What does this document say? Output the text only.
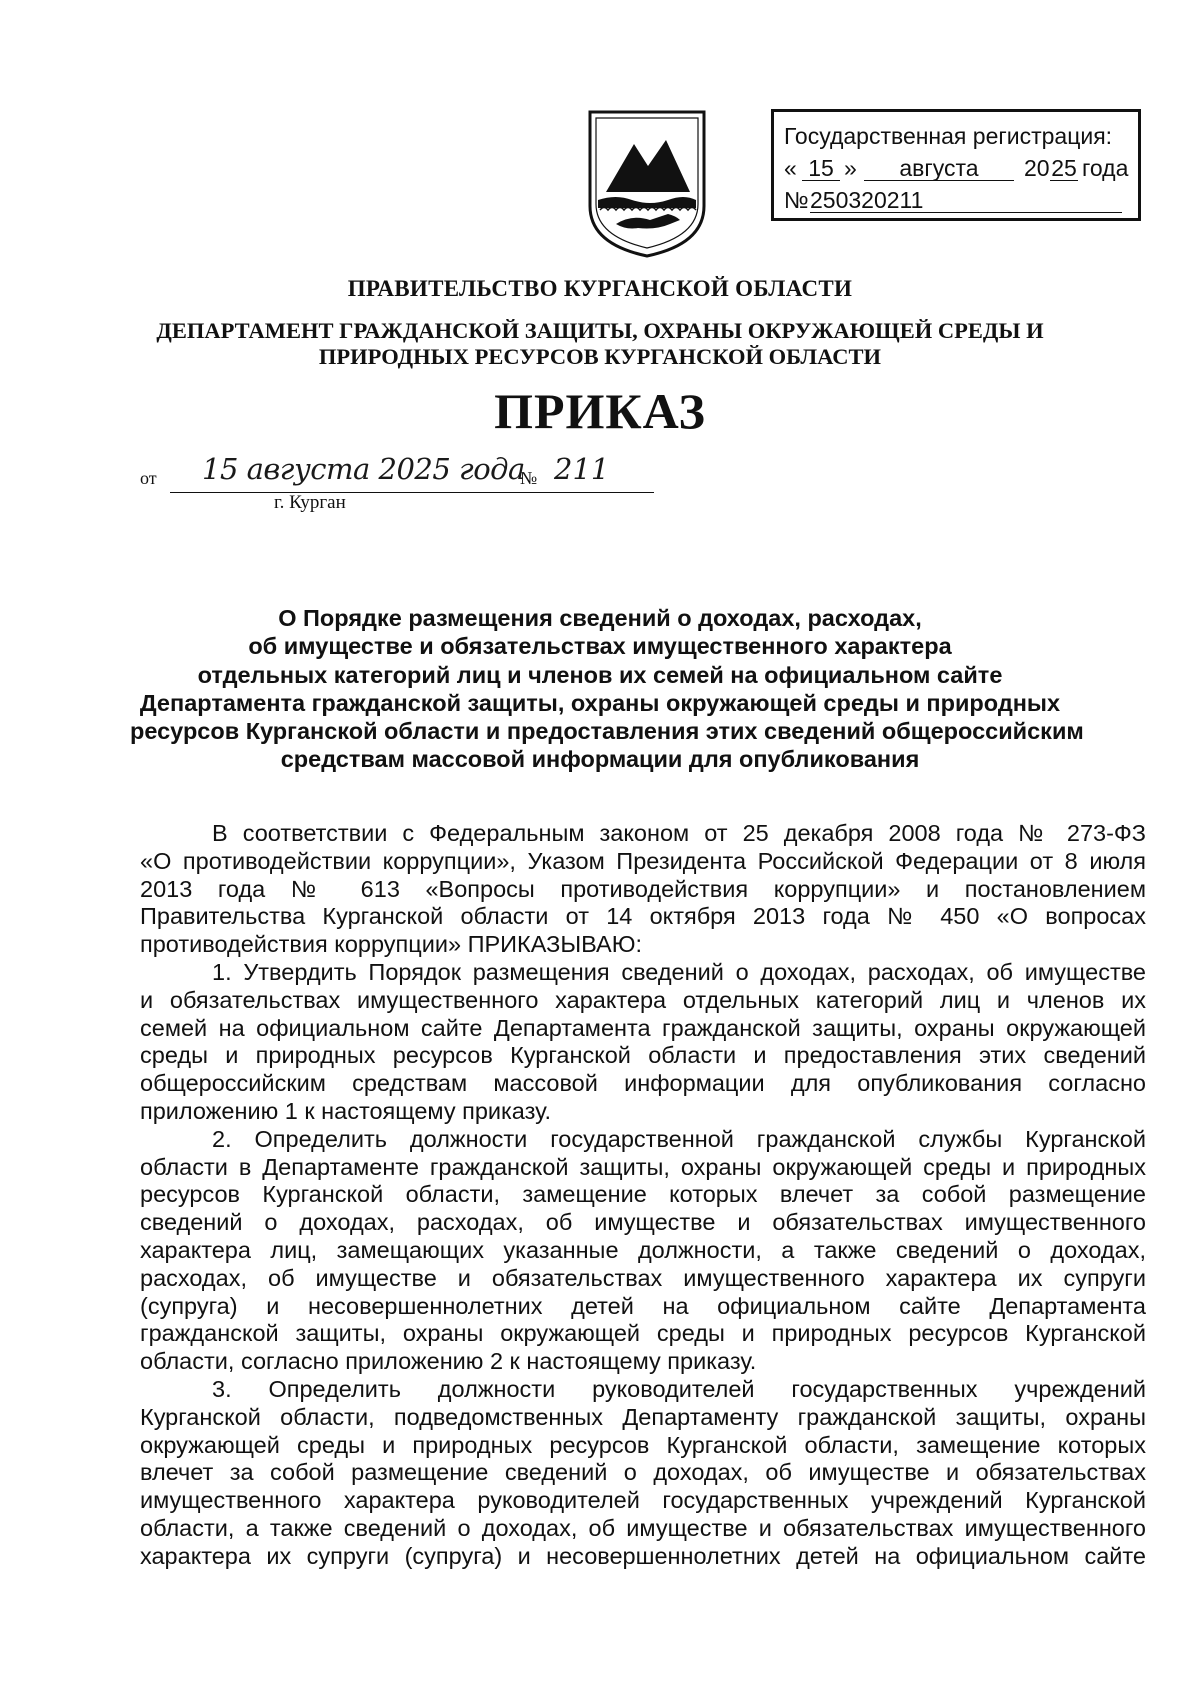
Государственная регистрация:
« 15 »	августа	20 25 года
№ 250320211
ПРАВИТЕЛЬСТВО КУРГАНСКОЙ ОБЛАСТИ
ДЕПАРТАМЕНТ ГРАЖДАНСКОЙ ЗАЩИТЫ, ОХРАНЫ ОКРУЖАЮЩЕЙ СРЕДЫ И
ПРИРОДНЫХ РЕСУРСОВ КУРГАНСКОЙ ОБЛАСТИ
ПРИКАЗ
от 15 августа 2025 года
№ 211
г. Курган
О Порядке размещения сведений о доходах, расходах,
об имуществе и обязательствах имущественного характера
отдельных категорий лиц и членов их семей на официальном сайте
Департамента гражданской защиты, охраны окружающей среды и природных
ресурсов Курганской области и предоставления этих сведений общероссийским
средствам массовой информации для опубликования
В соответствии с Федеральным законом от 25 декабря 2008 года № 273-ФЗ
«О противодействии коррупции», Указом Президента Российской Федерации от 8 июля
2013 года № 613 «Вопросы противодействия коррупции» и постановлением
Правительства Курганской области от 14 октября 2013 года № 450 «О вопросах
противодействия коррупции» ПРИКАЗЫВАЮ:
1. Утвердить Порядок размещения сведений о доходах, расходах, об имуществе
и обязательствах имущественного характера отдельных категорий лиц и членов их
семей на официальном сайте Департамента гражданской защиты, охраны окружающей
среды и природных ресурсов Курганской области и предоставления этих сведений
общероссийским средствам массовой информации для опубликования согласно
приложению 1 к настоящему приказу.
2. Определить должности государственной гражданской службы Курганской
области в Департаменте гражданской защиты, охраны окружающей среды и природных
ресурсов Курганской области, замещение которых влечет за собой размещение
сведений о доходах, расходах, об имуществе и обязательствах имущественного
характера лиц, замещающих указанные должности, а также сведений о доходах,
расходах, об имуществе и обязательствах имущественного характера их супруги
(супруга) и несовершеннолетних детей на официальном сайте Департамента
гражданской защиты, охраны окружающей среды и природных ресурсов Курганской
области, согласно приложению 2 к настоящему приказу.
3. Определить должности руководителей государственных учреждений
Курганской области, подведомственных Департаменту гражданской защиты, охраны
окружающей среды и природных ресурсов Курганской области, замещение которых
влечет за собой размещение сведений о доходах, об имуществе и обязательствах
имущественного характера руководителей государственных учреждений Курганской
области, а также сведений о доходах, об имуществе и обязательствах имущественного
характера их супруги (супруга) и несовершеннолетних детей на официальном сайте
